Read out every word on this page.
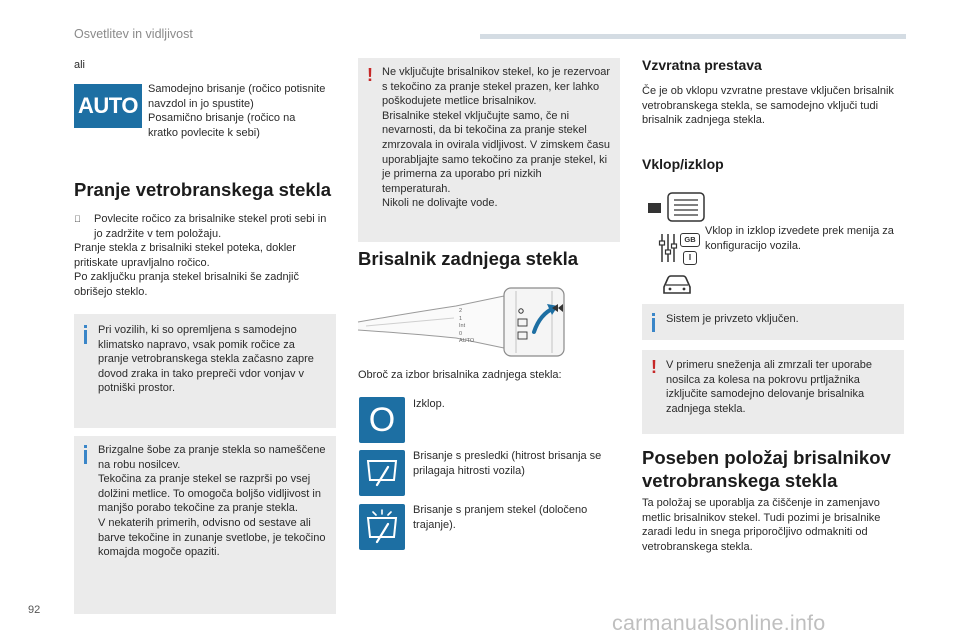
Osvetlitev in vidljivost
ali
AUTO
Samodejno brisanje (ročico potisnite navzdol in jo spustite)
Posamično brisanje (ročico na kratko povlecite k sebi)
Pranje vetrobranskega stekla
Povlecite ročico za brisalnike stekel proti sebi in jo zadržite v tem položaju.
Pranje stekla z brisalniki stekel poteka, dokler pritiskate upravljalno ročico.
Po zaključku pranja stekel brisalniki še zadnjič obrišejo steklo.
Pri vozilih, ki so opremljena s samodejno klimatsko napravo, vsak pomik ročice za pranje vetrobranskega stekla začasno zapre dovod zraka in tako prepreči vdor vonjav v potniški prostor.
Brizgalne šobe za pranje stekla so nameščene na robu nosilcev.
Tekočina za pranje stekel se razprši po vsej dolžini metlice. To omogoča boljšo vidljivost in manjšo porabo tekočine za pranje stekla.
V nekaterih primerih, odvisno od sestave ali barve tekočine in zunanje svetlobe, je tekočino komajda mogoče opaziti.
! Ne vključujte brisalnikov stekel, ko je rezervoar s tekočino za pranje stekel prazen, ker lahko poškodujete metlice brisalnikov.
Brisalnike stekel vključujte samo, če ni nevarnosti, da bi tekočina za pranje stekel zmrzovala in ovirala vidljivost. V zimskem času uporabljajte samo tekočino za pranje stekel, ki je primerna za uporabo pri nizkih temperaturah.
Nikoli ne dolivajte vode.
Brisalnik zadnjega stekla
2
1
Int
0
AUTO
Obroč za izbor brisalnika zadnjega stekla:
O	Izklop.
Brisanje s presledki (hitrost brisanja se prilagaja hitrosti vozila)
Brisanje s pranjem stekel (določeno trajanje).
Vzvratna prestava
Če je ob vklopu vzvratne prestave vključen brisalnik vetrobranskega stekla, se samodejno vključi tudi brisalnik zadnjega stekla.
Vklop/izklop
GB
I
Vklop in izklop izvedete prek menija za konfiguracijo vozila.
Sistem je privzeto vključen.
! V primeru sneženja ali zmrzali ter uporabe nosilca za kolesa na pokrovu prtljažnika izključite samodejno delovanje brisalnika zadnjega stekla.
Poseben položaj brisalnikov vetrobranskega stekla
Ta položaj se uporablja za čiščenje in zamenjavo metlic brisalnikov stekel. Tudi pozimi je brisalnike zaradi ledu in snega priporočljivo odmakniti od vetrobranskega stekla.
92
carmanualsonline.info
